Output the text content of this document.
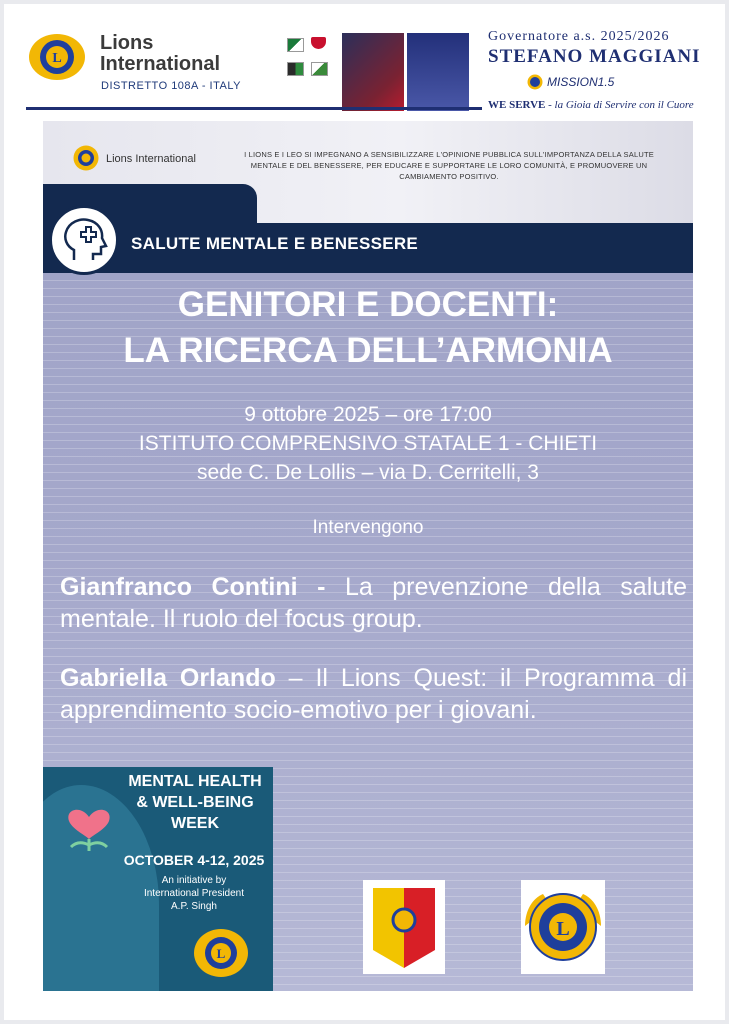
L
Lions International
DISTRETTO 108A - ITALY
Governatore a.s. 2025/2026
STEFANO MAGGIANI
MISSION1.5
WE SERVE - la Gioia di Servire con il Cuore
Lions International	I LIONS E I LEO SI IMPEGNANO A SENSIBILIZZARE L'OPINIONE PUBBLICA SULL'IMPORTANZA DELLA SALUTE MENTALE E DEL BENESSERE, PER EDUCARE E SUPPORTARE LE LORO COMUNITÀ, E PROMUOVERE UN CAMBIAMENTO POSITIVO.
SALUTE MENTALE E BENESSERE
GENITORI E DOCENTI:
LA RICERCA DELL’ARMONIA
9 ottobre 2025 – ore 17:00
ISTITUTO COMPRENSIVO STATALE 1 - CHIETI
sede C. De Lollis – via D. Cerritelli, 3
Intervengono
Gianfranco Contini - La prevenzione della salute mentale. Il ruolo del focus group.
Gabriella Orlando – Il Lions Quest: il Programma di apprendimento socio-emotivo per i giovani.
MENTAL HEALTH
& WELL-BEING
WEEK
OCTOBER 4-12, 2025
An initiative by
International President
A.P. Singh
L
L
